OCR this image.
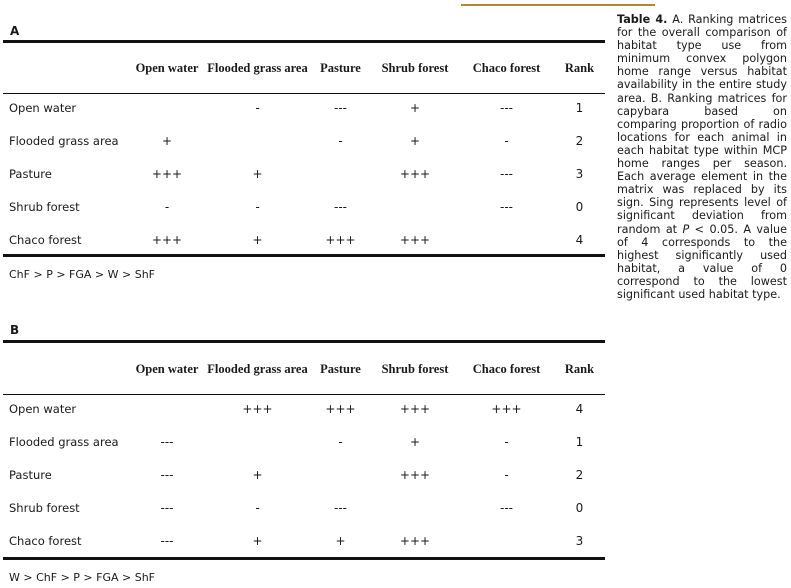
A
	Open water	Flooded grass area	Pasture	Shrub forest	Chaco forest	Rank
Open water		-	---	+	---	1
Flooded grass area	+		-	+	-	2
Pasture	+++	+		+++	---	3
Shrub forest	-	-	---		---	0
Chaco forest	+++	+	+++	+++		4
ChF > P > FGA > W > ShF
B
	Open water	Flooded grass area	Pasture	Shrub forest	Chaco forest	Rank
Open water		+++	+++	+++	+++	4
Flooded grass area	---		-	+	-	1
Pasture	---	+		+++	-	2
Shrub forest	---	-	---		---	0
Chaco forest	---	+	+	+++		3
W > ChF > P > FGA > ShF
Table 4. A. Ranking matrices for the overall comparison of habitat type use from minimum convex polygon home range versus habitat availability in the entire study area. B. Ranking matrices for capybara based on comparing proportion of radio locations for each animal in each habitat type within MCP home ranges per season. Each average element in the matrix was replaced by its sign. Sing represents level of significant deviation from random at P < 0.05. A value of 4 corresponds to the highest significantly used habitat, a value of 0 correspond to the lowest significant used habitat type.
